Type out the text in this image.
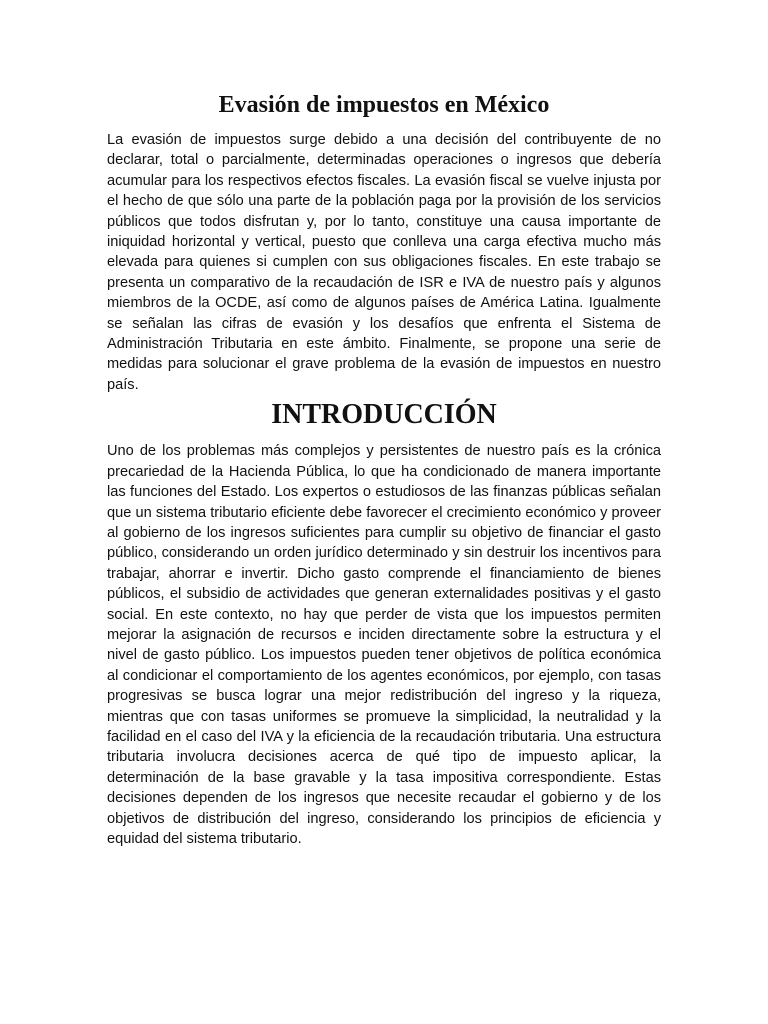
Evasión de impuestos en México

La evasión de impuestos surge debido a una decisión del contribuyente de no declarar, total o parcialmente, determinadas operaciones o ingresos que debería acumular para los respectivos efectos fiscales. La evasión fiscal se vuelve injusta por el hecho de que sólo una parte de la población paga por la provisión de los servicios públicos que todos disfrutan y, por lo tanto, constituye una causa importante de iniquidad horizontal y vertical, puesto que conlleva una carga efectiva mucho más elevada para quienes si cumplen con sus obligaciones fiscales. En este trabajo se presenta un comparativo de la recaudación de ISR e IVA de nuestro país y algunos miembros de la OCDE, así como de algunos países de América Latina. Igualmente se señalan las cifras de evasión y los desafíos que enfrenta el Sistema de Administración Tributaria en este ámbito. Finalmente, se propone una serie de medidas para solucionar el grave problema de la evasión de impuestos en nuestro país.

INTRODUCCIÓN

Uno de los problemas más complejos y persistentes de nuestro país es la crónica precariedad de la Hacienda Pública, lo que ha condicionado de manera importante las funciones del Estado. Los expertos o estudiosos de las finanzas públicas señalan que un sistema tributario eficiente debe favorecer el crecimiento económico y proveer al gobierno de los ingresos suficientes para cumplir su objetivo de financiar el gasto público, considerando un orden jurídico determinado y sin destruir los incentivos para trabajar, ahorrar e invertir. Dicho gasto comprende el financiamiento de bienes públicos, el subsidio de actividades que generan externalidades positivas y el gasto social. En este contexto, no hay que perder de vista que los impuestos permiten mejorar la asignación de recursos e inciden directamente sobre la estructura y el nivel de gasto público. Los impuestos pueden tener objetivos de política económica al condicionar el comportamiento de los agentes económicos, por ejemplo, con tasas progresivas se busca lograr una mejor redistribución del ingreso y la riqueza, mientras que con tasas uniformes se promueve la simplicidad, la neutralidad y la facilidad en el caso del IVA y la eficiencia de la recaudación tributaria. Una estructura tributaria involucra decisiones acerca de qué tipo de impuesto aplicar, la determinación de la base gravable y la tasa impositiva correspondiente. Estas decisiones dependen de los ingresos que necesite recaudar el gobierno y de los objetivos de distribución del ingreso, considerando los principios de eficiencia y equidad del sistema tributario.
